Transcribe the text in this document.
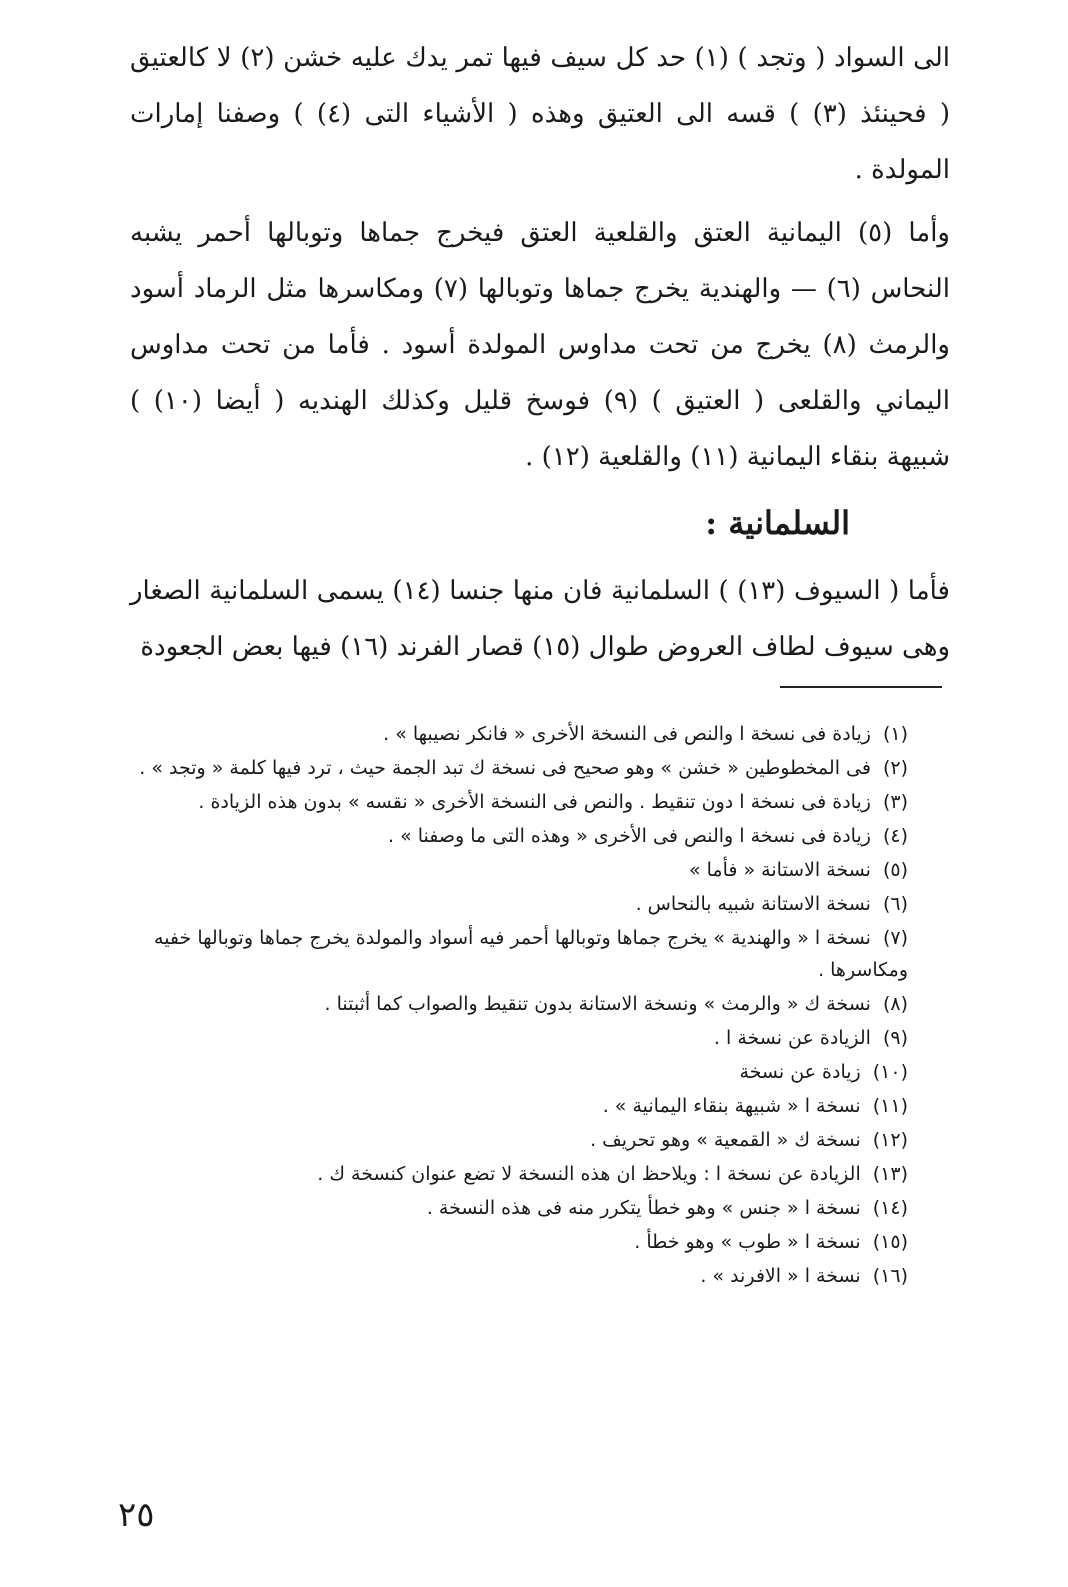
الى السواد ( وتجد ) (١) حد كل سيف فيها تمر يدك عليه خشن (٢) لا كالعتيق ( فحينئذ (٣) ) قسه الى العتيق وهذه ( الأشياء التى (٤) ) وصفنا إمارات المولدة .
وأما (٥) اليمانية العتق والقلعية العتق فيخرج جماها وتوبالها أحمر يشبه النحاس (٦) — والهندية يخرج جماها وتوبالها (٧) ومكاسرها مثل الرماد أسود والرمث (٨) يخرج من تحت مداوس المولدة أسود . فأما من تحت مداوس اليماني والقلعى ( العتيق ) (٩) فوسخ قليل وكذلك الهنديه ( أيضا (١٠) ) شبيهة بنقاء اليمانية (١١) والقلعية (١٢) .
السلمانية :
فأما ( السيوف (١٣) ) السلمانية فان منها جنسا (١٤) يسمى السلمانية الصغار وهى سيوف لطاف العروض طوال (١٥) قصار الفرند (١٦) فيها بعض الجعودة

(١)زيادة فى نسخة ا والنص فى النسخة الأخرى « فانكر نصيبها » .

(٢)فى المخطوطين « خشن » وهو صحيح فى نسخة ك تبد الجمة حيث ، ترد فيها كلمة « وتجد » .

(٣)زيادة فى نسخة ا دون تنقيط . والنص فى النسخة الأخرى « نقسه » بدون هذه الزيادة .

(٤)زيادة فى نسخة ا والنص فى الأخرى « وهذه التى ما وصفنا » .

(٥)نسخة الاستانة « فأما »

(٦)نسخة الاستانة شبيه بالنحاس .

(٧)نسخة ا « والهندية » يخرج جماها وتوبالها أحمر فيه أسواد والمولدة يخرج جماها وتوبالها خفيه ومكاسرها .

(٨)نسخة ك « والرمث » ونسخة الاستانة بدون تنقيط والصواب كما أثبتنا .

(٩)الزيادة عن نسخة ا .

(١٠)زيادة عن نسخة

(١١)نسخة ا « شبيهة بنقاء اليمانية » .

(١٢)نسخة ك « القمعية » وهو تحريف .

(١٣)الزيادة عن نسخة ا : ويلاحظ ان هذه النسخة لا تضع عنوان كنسخة ك .

(١٤)نسخة ا « جنس » وهو خطأ يتكرر منه فى هذه النسخة .

(١٥)نسخة ا « طوب » وهو خطأ .

(١٦)نسخة ا « الافرند » .

٢٥
